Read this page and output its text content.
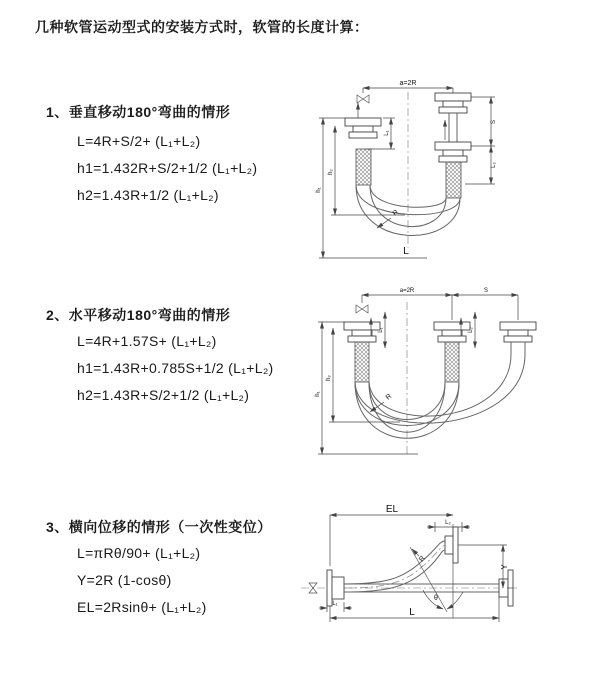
几种软管运动型式的安装方式时，软管的长度计算：
1、垂直移动180°弯曲的情形
L=4R+S/2+ (L₁+L₂)
h1=1.432R+S/2+1/2 (L₁+L₂)
h2=1.43R+1/2 (L₁+L₂)
2、水平移动180°弯曲的情形
L=4R+1.57S+ (L₁+L₂)
h1=1.43R+0.785S+1/2 (L₁+L₂)
h2=1.43R+S/2+1/2 (L₁+L₂)
3、横向位移的情形（一次性变位）
L=πRθ/90+ (L₁+L₂)
Y=2R (1-cosθ)
EL=2Rsinθ+ (L₁+L₂)
a=2R
L₁
S
L₂
R
h₁
h₂
L
a=2R	S
L₁	L₂
R
h₁
h₂
EL
L₂
Y
R
θ
L₁
L
